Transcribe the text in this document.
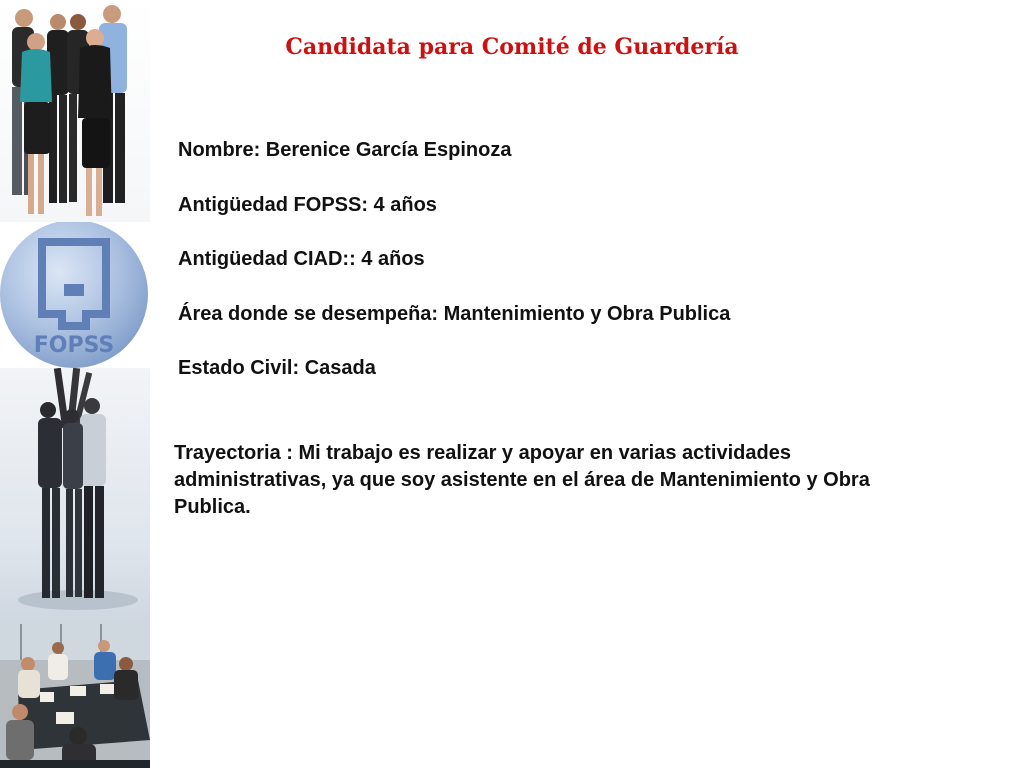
FOPSS
Candidata para Comité de Guardería
Nombre: Berenice García Espinoza
Antigüedad FOPSS: 4 años
Antigüedad CIAD:: 4 años
Área donde se desempeña: Mantenimiento y Obra Publica
Estado Civil: Casada

Trayectoria : Mi trabajo es realizar y apoyar en varias actividades administrativas, ya que soy asistente en el área de Mantenimiento y Obra Publica.
